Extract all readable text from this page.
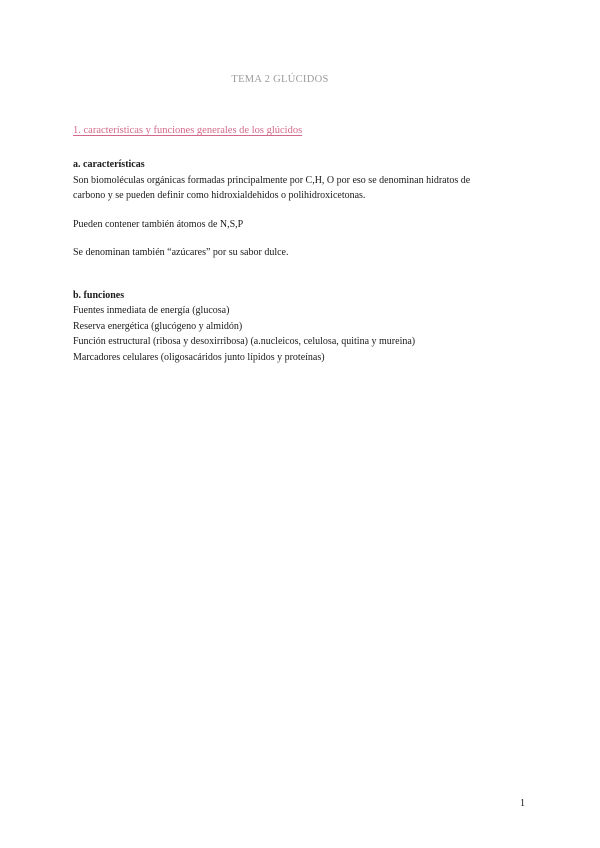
TEMA 2 GLÚCIDOS
1. características y funciones generales de los glúcidos
a. características

Son biomoléculas orgánicas formadas principalmente por C,H, O por eso se denominan hidratos de

carbono y se pueden definir como hidroxialdehidos o polihidroxicetonas.

Pueden contener también átomos de N,S,P

Se denominan también “azúcares” por su sabor dulce.

b. funciones

Fuentes inmediata de energía (glucosa)

Reserva energética (glucógeno y almidón)

Función estructural (ribosa y desoxirribosa) (a.nucleicos, celulosa, quitina y mureina)

Marcadores celulares (oligosacáridos junto lípidos y proteínas)

1
